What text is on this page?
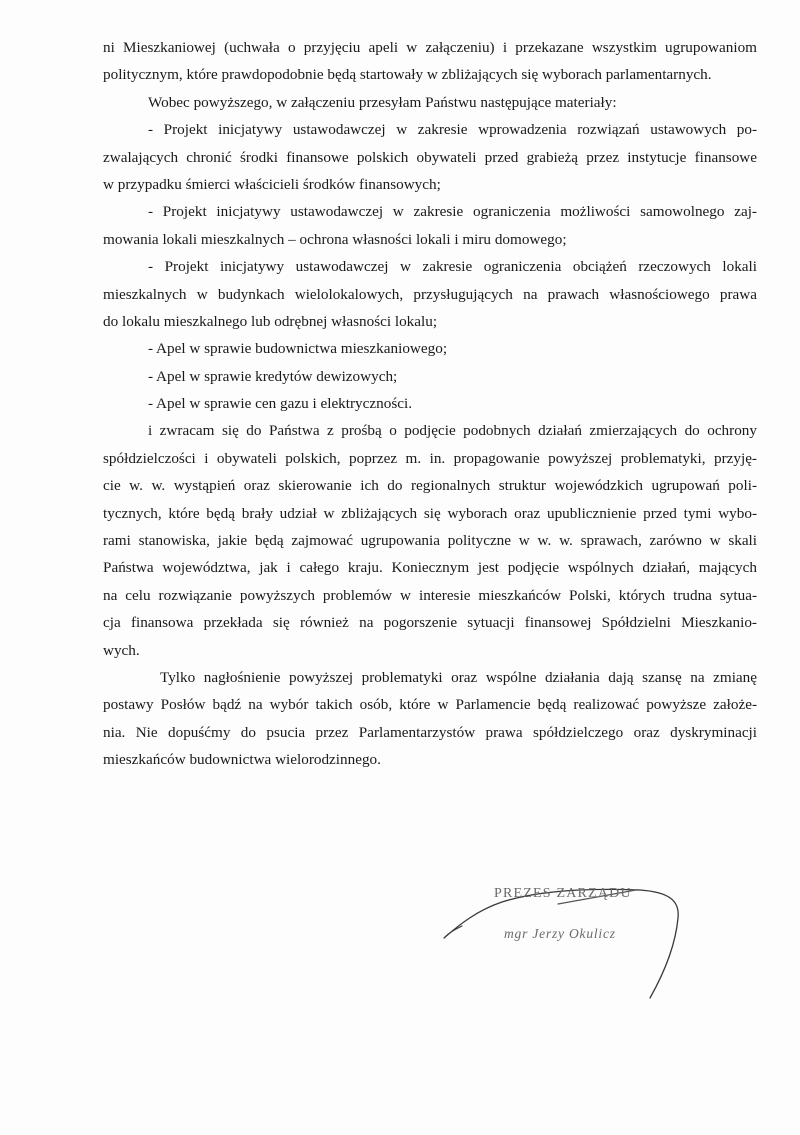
ni Mieszkaniowej (uchwała o przyjęciu apeli w załączeniu) i przekazane wszystkim ugrupowaniom
politycznym, które prawdopodobnie będą startowały w zbliżających się wyborach parlamentarnych.
Wobec powyższego, w załączeniu przesyłam Państwu następujące materiały:
- Projekt inicjatywy ustawodawczej w zakresie wprowadzenia rozwiązań ustawowych po-
zwalających chronić środki finansowe polskich obywateli przed grabieżą przez instytucje finansowe
w przypadku śmierci właścicieli środków finansowych;
- Projekt inicjatywy ustawodawczej w zakresie ograniczenia możliwości samowolnego zaj-
mowania lokali mieszkalnych – ochrona własności lokali i miru domowego;
- Projekt inicjatywy ustawodawczej w zakresie ograniczenia obciążeń rzeczowych lokali
mieszkalnych w budynkach wielolokalowych, przysługujących na prawach własnościowego prawa
do lokalu mieszkalnego lub odrębnej własności lokalu;
- Apel w sprawie budownictwa mieszkaniowego;
- Apel w sprawie kredytów dewizowych;
- Apel w sprawie cen gazu i elektryczności.
i zwracam się do Państwa z prośbą o podjęcie podobnych działań zmierzających do ochrony
spółdzielczości i obywateli polskich, poprzez m. in. propagowanie powyższej problematyki, przyję-
cie w. w. wystąpień oraz skierowanie ich do regionalnych struktur wojewódzkich ugrupowań poli-
tycznych, które będą brały udział w zbliżających się wyborach oraz upublicznienie przed tymi wybo-
rami stanowiska, jakie będą zajmować ugrupowania polityczne w w. w. sprawach, zarówno w skali
Państwa województwa, jak i całego kraju. Koniecznym jest podjęcie wspólnych działań, mających
na celu rozwiązanie powyższych problemów w interesie mieszkańców Polski, których trudna sytua-
cja finansowa przekłada się również na pogorszenie sytuacji finansowej Spółdzielni Mieszkanio-
wych.
Tylko nagłośnienie powyższej problematyki oraz wspólne działania dają szansę na zmianę
postawy Posłów bądź na wybór takich osób, które w Parlamencie będą realizować powyższe założe-
nia. Nie dopuśćmy do psucia przez Parlamentarzystów prawa spółdzielczego oraz dyskryminacji
mieszkańców budownictwa wielorodzinnego.
PREZES ZARZĄDU
mgr Jerzy Okulicz
